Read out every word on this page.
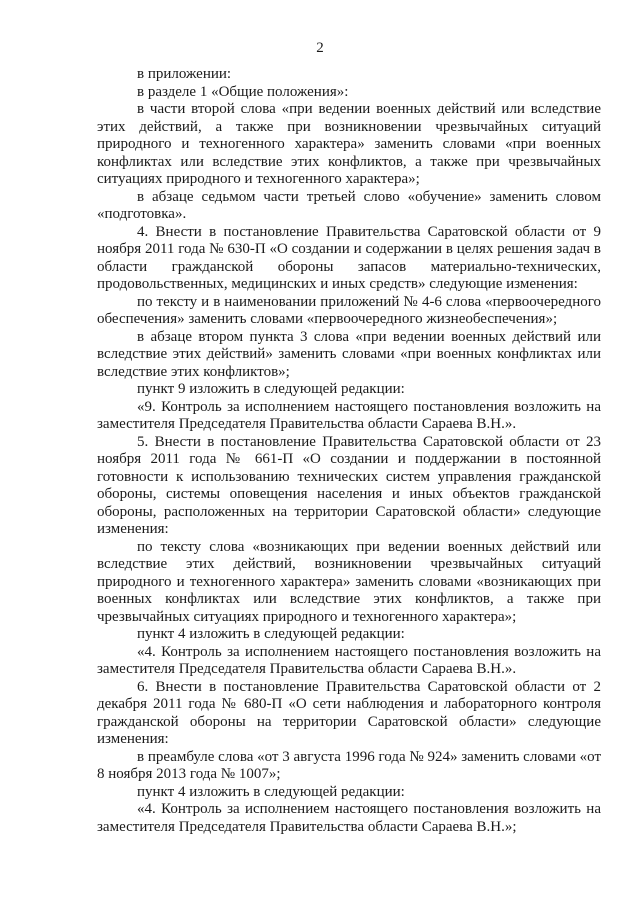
2

в приложении:

в разделе 1 «Общие положения»:

в части второй слова «при ведении военных действий или вследствие этих действий, а также при возникновении чрезвычайных ситуаций природного и техногенного характера» заменить словами «при военных конфликтах или вследствие этих конфликтов, а также при чрезвычайных ситуациях природного и техногенного характера»;

в абзаце седьмом части третьей слово «обучение» заменить словом «подготовка».

4. Внести в постановление Правительства Саратовской области от 9 ноября 2011 года № 630-П «О создании и содержании в целях решения задач в области гражданской обороны запасов материально-технических, продовольственных, медицинских и иных средств» следующие изменения:

по тексту и в наименовании приложений № 4-6 слова «первоочередного обеспечения» заменить словами «первоочередного жизнеобеспечения»;

в абзаце втором пункта 3 слова «при ведении военных действий или вследствие этих действий» заменить словами «при военных конфликтах или вследствие этих конфликтов»;

пункт 9 изложить в следующей редакции:

«9. Контроль за исполнением настоящего постановления возложить на заместителя Председателя Правительства области Сараева В.Н.».

5. Внести в постановление Правительства Саратовской области от 23 ноября 2011 года № 661-П «О создании и поддержании в постоянной готовности к использованию технических систем управления гражданской обороны, системы оповещения населения и иных объектов гражданской обороны, расположенных на территории Саратовской области» следующие изменения:

по тексту слова «возникающих при ведении военных действий или вследствие этих действий, возникновении чрезвычайных ситуаций природного и техногенного характера» заменить словами «возникающих при военных конфликтах или вследствие этих конфликтов, а также при чрезвычайных ситуациях природного и техногенного характера»;

пункт 4 изложить в следующей редакции:

«4. Контроль за исполнением настоящего постановления возложить на заместителя Председателя Правительства области Сараева В.Н.».

6. Внести в постановление Правительства Саратовской области от 2 декабря 2011 года № 680-П «О сети наблюдения и лабораторного контроля гражданской обороны на территории Саратовской области» следующие изменения:

в преамбуле слова «от 3 августа 1996 года № 924» заменить словами «от 8 ноября 2013 года № 1007»;

пункт 4 изложить в следующей редакции:

«4. Контроль за исполнением настоящего постановления возложить на заместителя Председателя Правительства области Сараева В.Н.»;
